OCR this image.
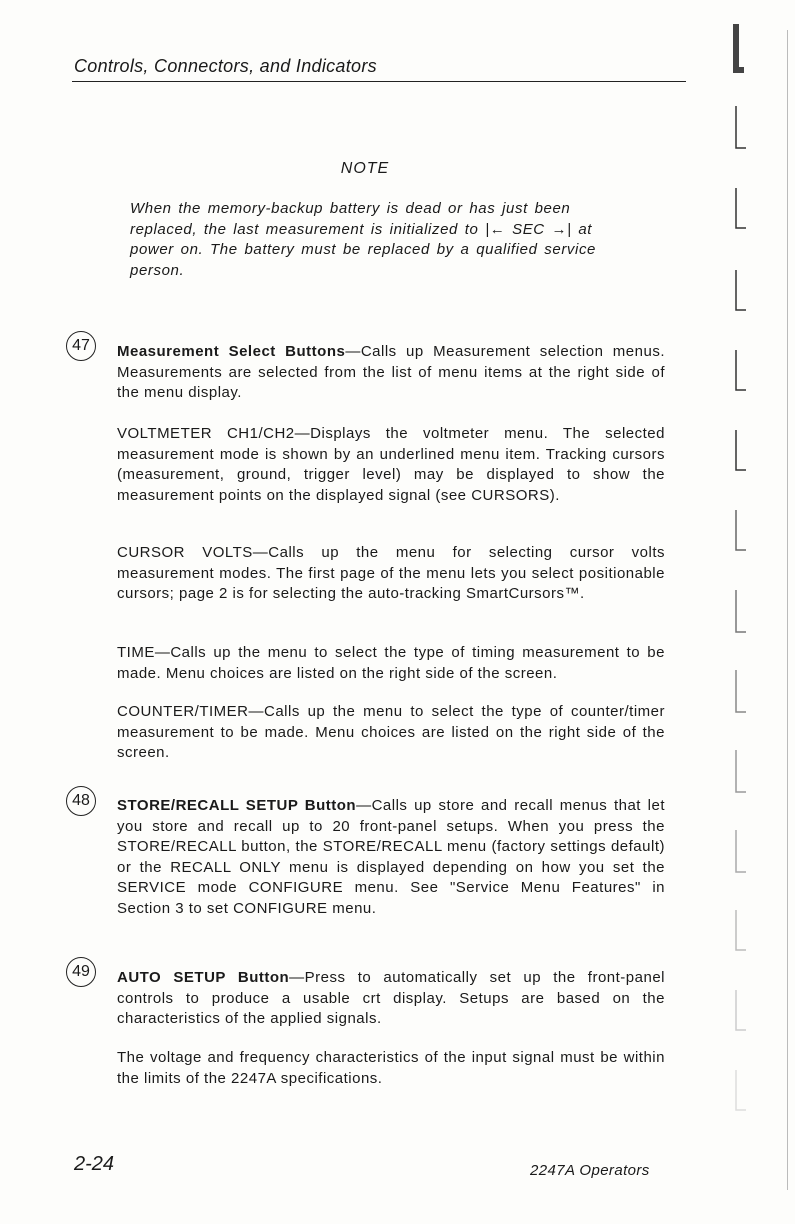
Controls, Connectors, and Indicators
NOTE
When the memory-backup battery is dead or has just been replaced, the last measurement is initialized to |← SEC →| at power on. The battery must be replaced by a qualified service person.
47	Measurement Select Buttons—Calls up Measurement selection menus. Measurements are selected from the list of menu items at the right side of the menu display.
VOLTMETER CH1/CH2—Displays the voltmeter menu. The selected measurement mode is shown by an underlined menu item. Tracking cursors (measurement, ground, trigger level) may be displayed to show the measurement points on the displayed signal (see CURSORS).
CURSOR VOLTS—Calls up the menu for selecting cursor volts measurement modes. The first page of the menu lets you select positionable cursors; page 2 is for selecting the auto-tracking SmartCursors™.
TIME—Calls up the menu to select the type of timing measurement to be made. Menu choices are listed on the right side of the screen.
COUNTER/TIMER—Calls up the menu to select the type of counter/timer measurement to be made. Menu choices are listed on the right side of the screen.
48	STORE/RECALL SETUP Button—Calls up store and recall menus that let you store and recall up to 20 front-panel setups. When you press the STORE/RECALL button, the STORE/RECALL menu (factory settings default) or the RECALL ONLY menu is displayed depending on how you set the SERVICE mode CONFIGURE menu. See "Service Menu Features" in Section 3 to set CONFIGURE menu.
49	AUTO SETUP Button—Press to automatically set up the front-panel controls to produce a usable crt display. Setups are based on the characteristics of the applied signals.
The voltage and frequency characteristics of the input signal must be within the limits of the 2247A specifications.
2-24	2247A Operators
